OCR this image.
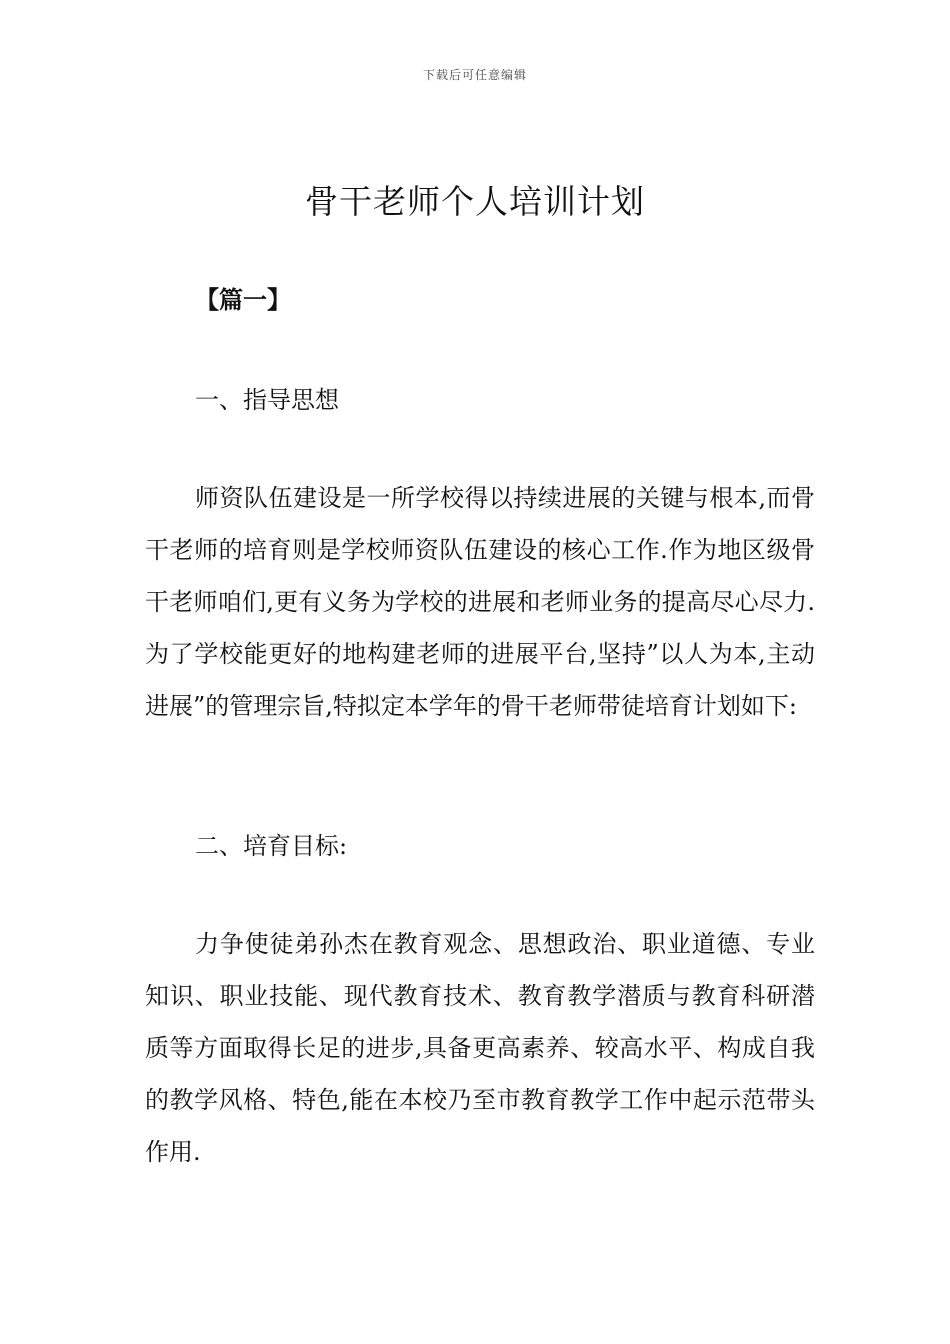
下载后可任意编辑
骨干老师个人培训计划
【篇一】
一、指导思想

师资队伍建设是一所学校得以持续进展的关键与根本,而骨干老师的培育则是学校师资队伍建设的核心工作.作为地区级骨干老师咱们,更有义务为学校的进展和老师业务的提高尽心尽力.为了学校能更好的地构建老师的进展平台,坚持”以人为本,主动进展”的管理宗旨,特拟定本学年的骨干老师带徒培育计划如下:

二、培育目标:

力争使徒弟孙杰在教育观念、思想政治、职业道德、专业知识、职业技能、现代教育技术、教育教学潜质与教育科研潜质等方面取得长足的进步,具备更高素养、较高水平、构成自我的教学风格、特色,能在本校乃至市教育教学工作中起示范带头作用.
